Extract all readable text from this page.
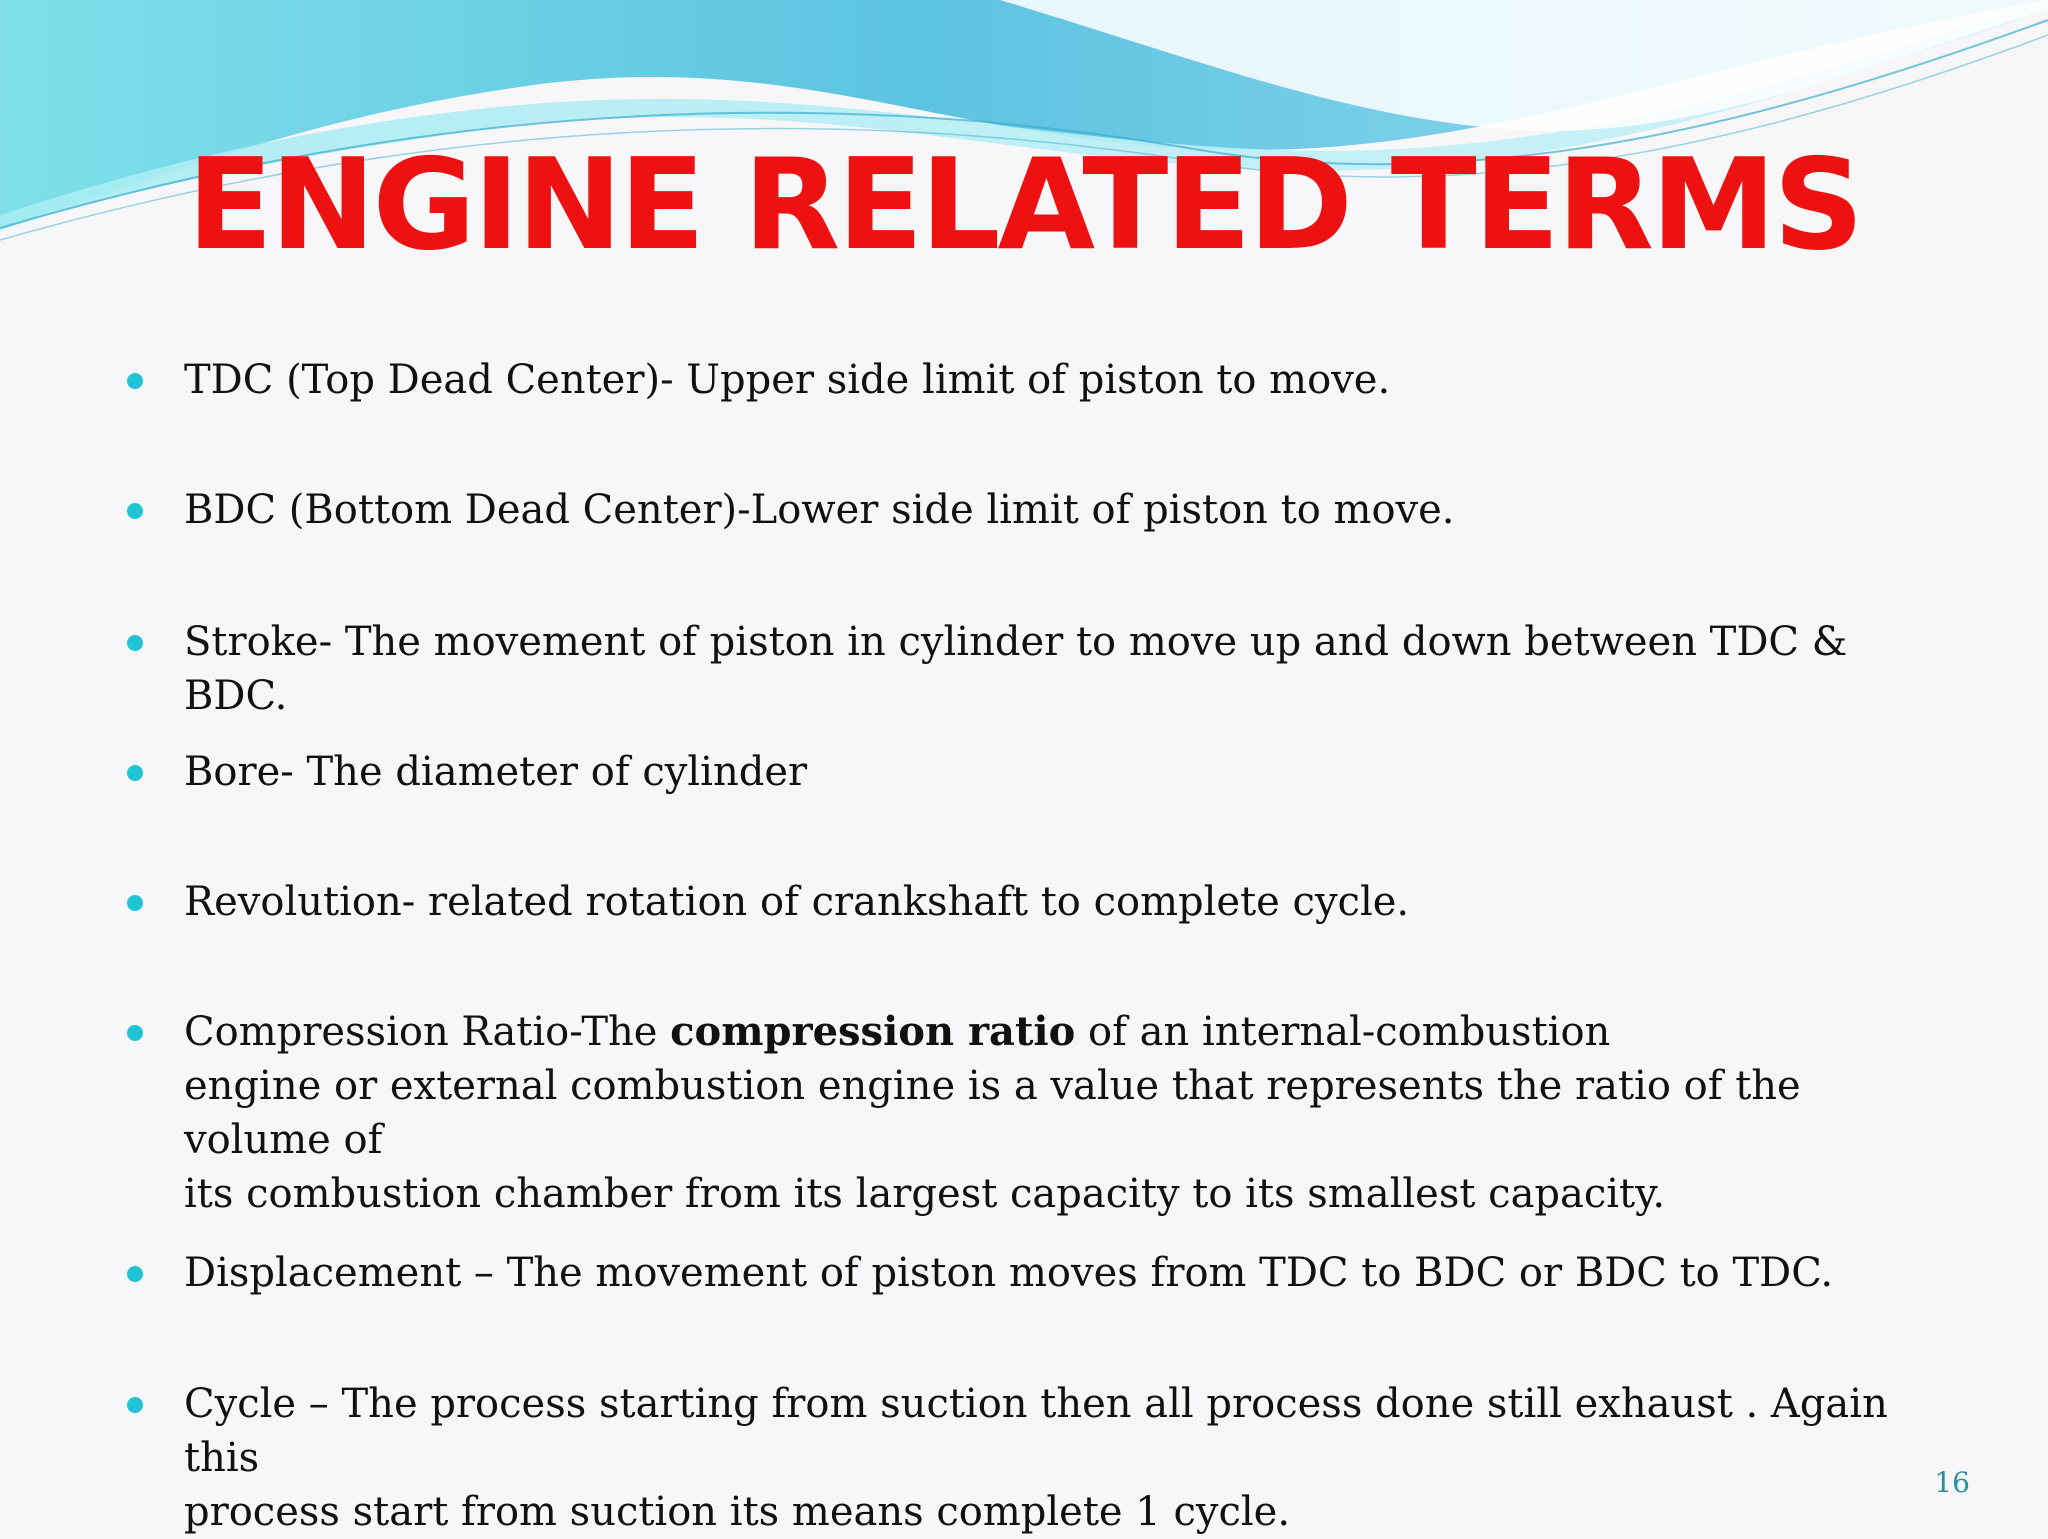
ENGINE RELATED TERMS
TDC (Top Dead Center)- Upper side limit of piston to move.
BDC (Bottom Dead Center)-Lower side limit of piston to move.
Stroke- The movement of piston in cylinder to move up and down between TDC & BDC.
Bore- The diameter of cylinder
Revolution- related rotation of crankshaft to complete cycle.
Compression Ratio-The compression ratio of an internal-combustion
engine or external combustion engine is a value that represents the ratio of the volume of
its combustion chamber from its largest capacity to its smallest capacity.
Displacement – The movement of piston moves from TDC to BDC or BDC to TDC.
Cycle – The process starting from suction then all process done still exhaust . Again this
process start from suction its means complete 1 cycle.
16
